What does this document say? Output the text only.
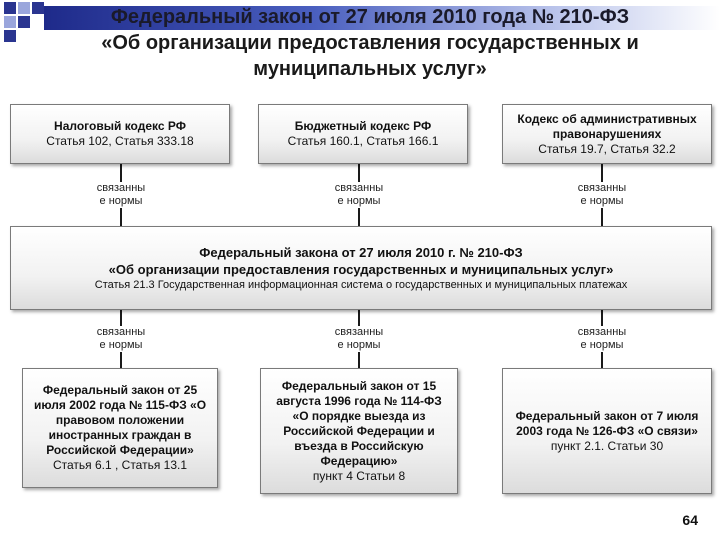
Федеральный закон от 27 июля 2010 года № 210-ФЗ
«Об организации предоставления государственных и
муниципальных услуг»
Налоговый кодекс РФ
Статья 102, Статья 333.18
Бюджетный кодекс РФ
Статья 160.1, Статья 166.1
Кодекс об административных правонарушениях
Статья 19.7, Статья 32.2
связанны
е нормы
связанны
е нормы
связанны
е нормы
Федеральный закона от 27 июля 2010 г. № 210-ФЗ
«Об организации предоставления государственных и муниципальных услуг»
Статья 21.3 Государственная информационная система о государственных и муниципальных платежах
связанны
е нормы
связанны
е нормы
связанны
е нормы
Федеральный закон от 25 июля 2002 года № 115-ФЗ «О правовом положении иностранных граждан в Российской Федерации»
Статья 6.1 , Статья 13.1
Федеральный закон от 15 августа 1996 года № 114-ФЗ «О порядке выезда из Российской Федерации и въезда в Российскую Федерацию»
пункт 4 Статьи 8
Федеральный закон от 7 июля 2003 года № 126-ФЗ «О связи»
пункт 2.1. Статьи 30
64
